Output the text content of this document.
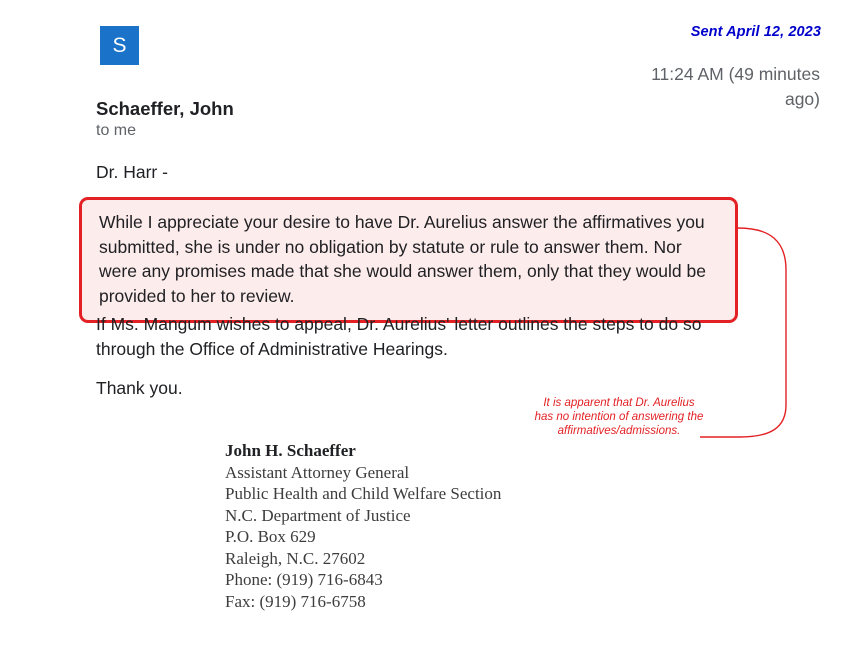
Sent April 12, 2023
S
11:24 AM (49 minutes ago)
Schaeffer, John
to me
Dr. Harr -

While I appreciate your desire to have Dr. Aurelius answer the affirmatives you submitted, she is under no obligation by statute or rule to answer them. Nor were any promises made that she would answer them, only that they would be provided to her to review.

If Ms. Mangum wishes to appeal, Dr. Aurelius' letter outlines the steps to do so through the Office of Administrative Hearings.
Thank you.
John H. Schaeffer
Assistant Attorney General
Public Health and Child Welfare Section
N.C. Department of Justice
P.O. Box 629
Raleigh, N.C. 27602
Phone: (919) 716-6843
Fax: (919) 716-6758
It is apparent that Dr. Aurelius has no intention of answering the affirmatives/admissions.
